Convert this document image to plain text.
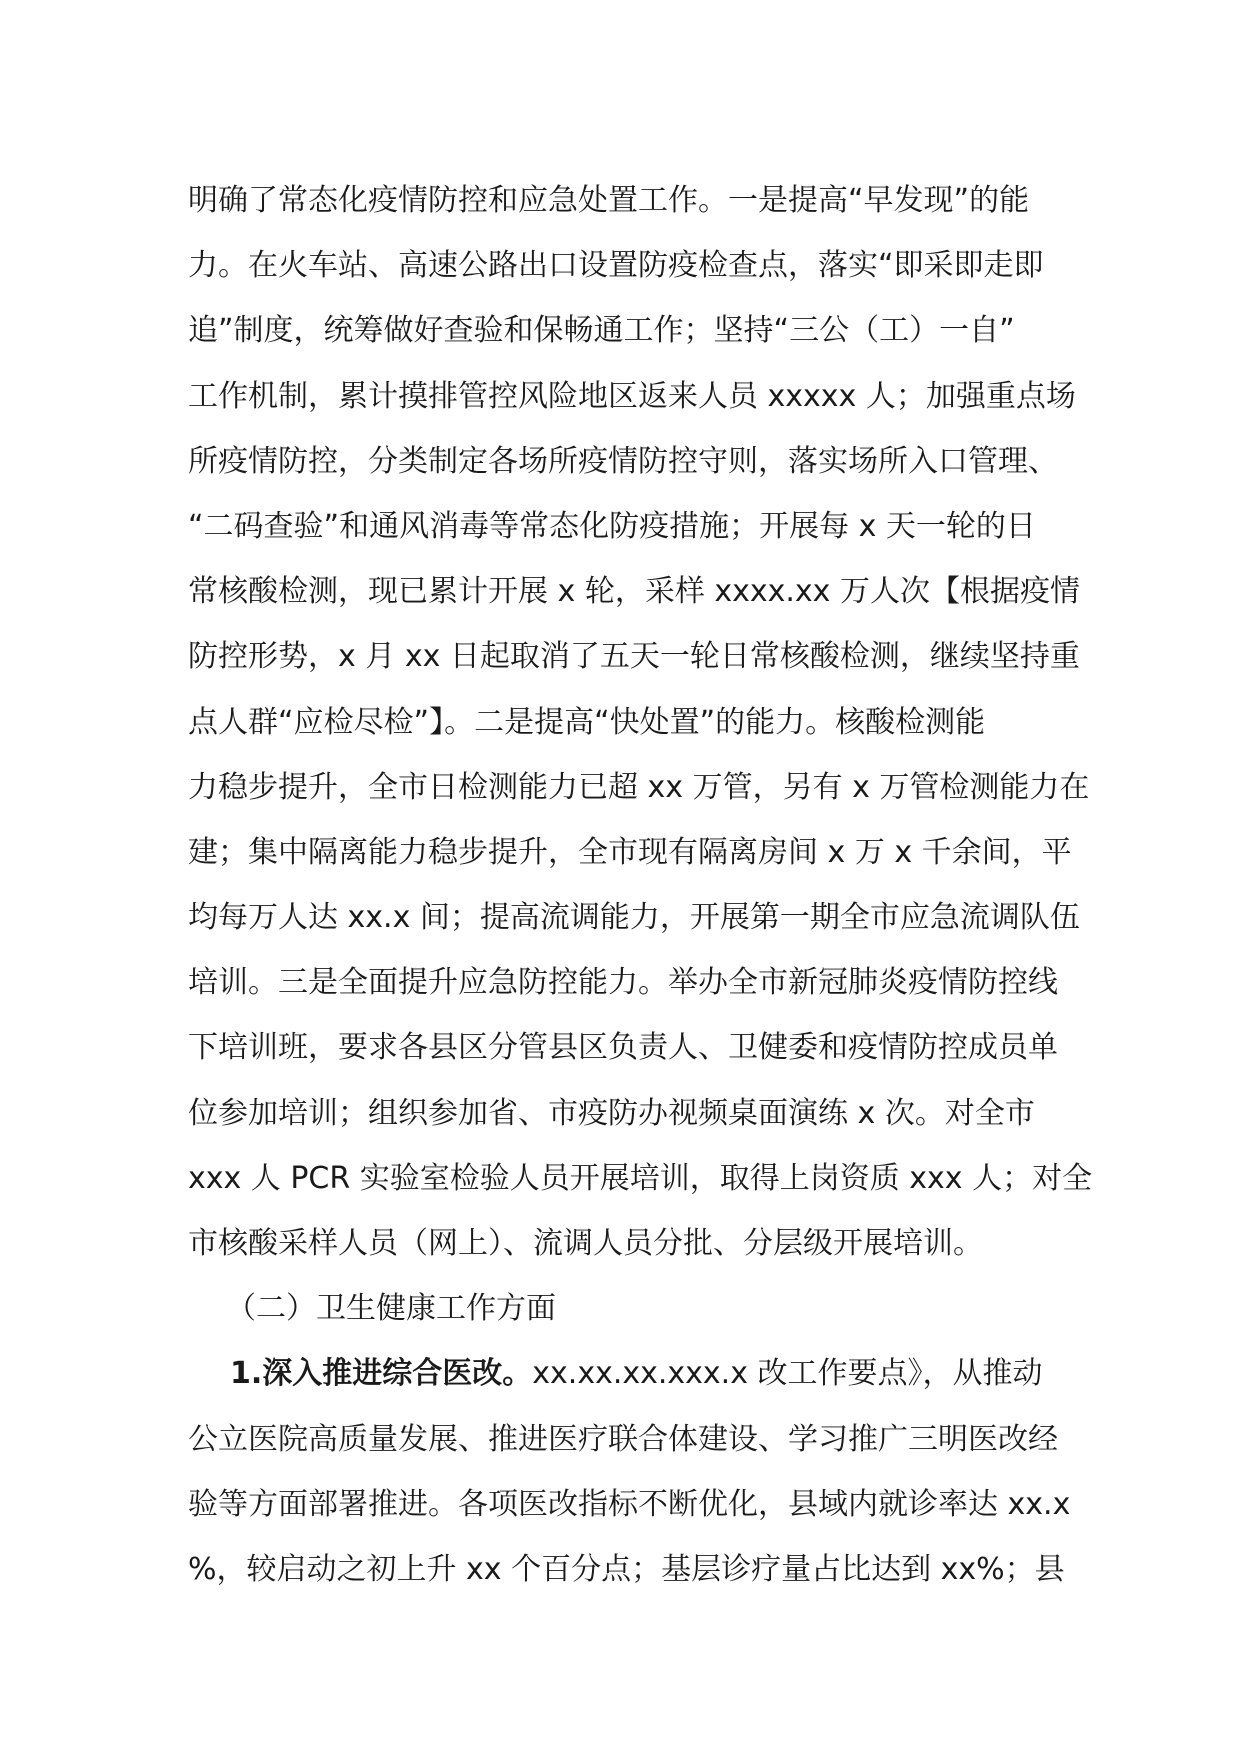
明确了常态化疫情防控和应急处置工作。一是提高“早发现”的能
力。在火车站、高速公路出口设置防疫检查点，落实“即采即走即
追”制度，统筹做好查验和保畅通工作；坚持“三公（工）一自”
工作机制，累计摸排管控风险地区返来人员 xxxxx 人；加强重点场
所疫情防控，分类制定各场所疫情防控守则，落实场所入口管理、
“二码查验”和通风消毒等常态化防疫措施；开展每 x 天一轮的日
常核酸检测，现已累计开展 x 轮，采样 xxxx.xx 万人次【根据疫情
防控形势，x 月 xx 日起取消了五天一轮日常核酸检测，继续坚持重
点人群“应检尽检”】。二是提高“快处置”的能力。核酸检测能
力稳步提升，全市日检测能力已超 xx 万管，另有 x 万管检测能力在
建；集中隔离能力稳步提升，全市现有隔离房间 x 万 x 千余间，平
均每万人达 xx.x 间；提高流调能力，开展第一期全市应急流调队伍
培训。三是全面提升应急防控能力。举办全市新冠肺炎疫情防控线
下培训班，要求各县区分管县区负责人、卫健委和疫情防控成员单
位参加培训；组织参加省、市疫防办视频桌面演练 x 次。对全市
xxx 人 PCR 实验室检验人员开展培训，取得上岗资质 xxx 人；对全
市核酸采样人员（网上）、流调人员分批、分层级开展培训。
（二）卫生健康工作方面
1.深入推进综合医改。xx.xx.xx.xxx.x 改工作要点》，从推动
公立医院高质量发展、推进医疗联合体建设、学习推广三明医改经
验等方面部署推进。各项医改指标不断优化，县域内就诊率达 xx.x
%，较启动之初上升 xx 个百分点；基层诊疗量占比达到 xx%；县
